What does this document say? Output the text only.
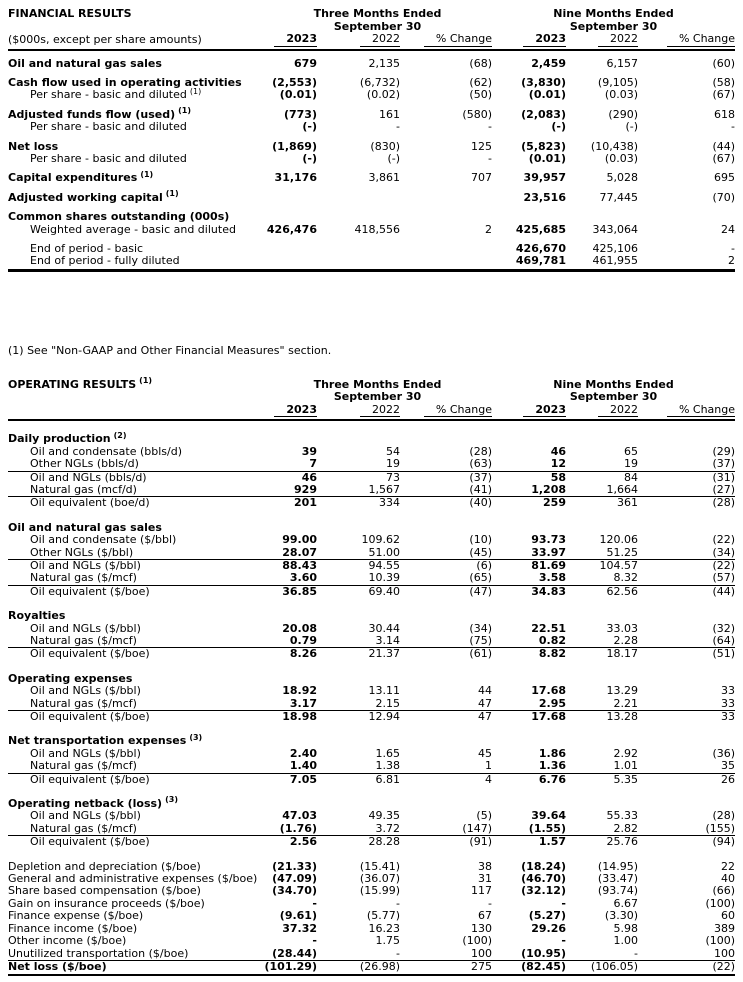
FINANCIAL RESULTS	Three Months Ended			Nine Months Ended		
	September 30			September 30		
($000s, except per share amounts)	2023	2022	% Change	2023	2022	% Change
Oil and natural gas sales	679	2,135	(68)	2,459	6,157	(60)
Cash flow used in operating activities	(2,553)	(6,732)	(62)	(3,830)	(9,105)	(58)
Per share - basic and diluted $^{(1)}$	(0.01)	(0.02)	(50)	(0.01)	(0.03)	(67)
Adjusted funds flow (used) $^{(1)}$	(773)	161	(580)	(2,083)	(290)	618
Per share - basic and diluted	(-)	-	-	(-)	(-)	-
Net loss	(1,869)	(830)	125	(5,823)	(10,438)	(44)
Per share - basic and diluted	(-)	(-)	-	(0.01)	(0.03)	(67)
Capital expenditures $^{(1)}$	31,176	3,861	707	39,957	5,028	695
Adjusted working capital $^{(1)}$				23,516	77,445	(70)
Common shares outstanding (000s)						
Weighted average - basic and diluted	426,476	418,556	2	425,685	343,064	24
End of period - basic				426,670	425,106	-
End of period - fully diluted				469,781	461,955	2
(1) See "Non-GAAP and Other Financial Measures" section.
OPERATING RESULTS $^{(1)}$	Three Months Ended			Nine Months Ended		
	September 30			September 30		
	2023	2022	% Change	2023	2022	% Change
Daily production $^{(2)}$						
Oil and condensate (bbls/d)	39	54	(28)	46	65	(29)
Other NGLs (bbls/d)	7	19	(63)	12	19	(37)
Oil and NGLs (bbls/d)	46	73	(37)	58	84	(31)
Natural gas (mcf/d)	929	1,567	(41)	1,208	1,664	(27)
Oil equivalent (boe/d)	201	334	(40)	259	361	(28)
Oil and natural gas sales						
Oil and condensate ($/bbl)	99.00	109.62	(10)	93.73	120.06	(22)
Other NGLs ($/bbl)	28.07	51.00	(45)	33.97	51.25	(34)
Oil and NGLs ($/bbl)	88.43	94.55	(6)	81.69	104.57	(22)
Natural gas ($/mcf)	3.60	10.39	(65)	3.58	8.32	(57)
Oil equivalent ($/boe)	36.85	69.40	(47)	34.83	62.56	(44)
Royalties						
Oil and NGLs ($/bbl)	20.08	30.44	(34)	22.51	33.03	(32)
Natural gas ($/mcf)	0.79	3.14	(75)	0.82	2.28	(64)
Oil equivalent ($/boe)	8.26	21.37	(61)	8.82	18.17	(51)
Operating expenses						
Oil and NGLs ($/bbl)	18.92	13.11	44	17.68	13.29	33
Natural gas ($/mcf)	3.17	2.15	47	2.95	2.21	33
Oil equivalent ($/boe)	18.98	12.94	47	17.68	13.28	33
Net transportation expenses $^{(3)}$						
Oil and NGLs ($/bbl)	2.40	1.65	45	1.86	2.92	(36)
Natural gas ($/mcf)	1.40	1.38	1	1.36	1.01	35
Oil equivalent ($/boe)	7.05	6.81	4	6.76	5.35	26
Operating netback (loss) $^{(3)}$						
Oil and NGLs ($/bbl)	47.03	49.35	(5)	39.64	55.33	(28)
Natural gas ($/mcf)	(1.76)	3.72	(147)	(1.55)	2.82	(155)
Oil equivalent ($/boe)	2.56	28.28	(91)	1.57	25.76	(94)
Depletion and depreciation ($/boe)	(21.33)	(15.41)	38	(18.24)	(14.95)	22
General and administrative expenses ($/boe)	(47.09)	(36.07)	31	(46.70)	(33.47)	40
Share based compensation ($/boe)	(34.70)	(15.99)	117	(32.12)	(93.74)	(66)
Gain on insurance proceeds ($/boe)	-	-	-	-	6.67	(100)
Finance expense ($/boe)	(9.61)	(5.77)	67	(5.27)	(3.30)	60
Finance income ($/boe)	37.32	16.23	130	29.26	5.98	389
Other income ($/boe)	-	1.75	(100)	-	1.00	(100)
Unutilized transportation ($/boe)	(28.44)	-	100	(10.95)	-	100
Net loss ($/boe)	(101.29)	(26.98)	275	(82.45)	(106.05)	(22)
